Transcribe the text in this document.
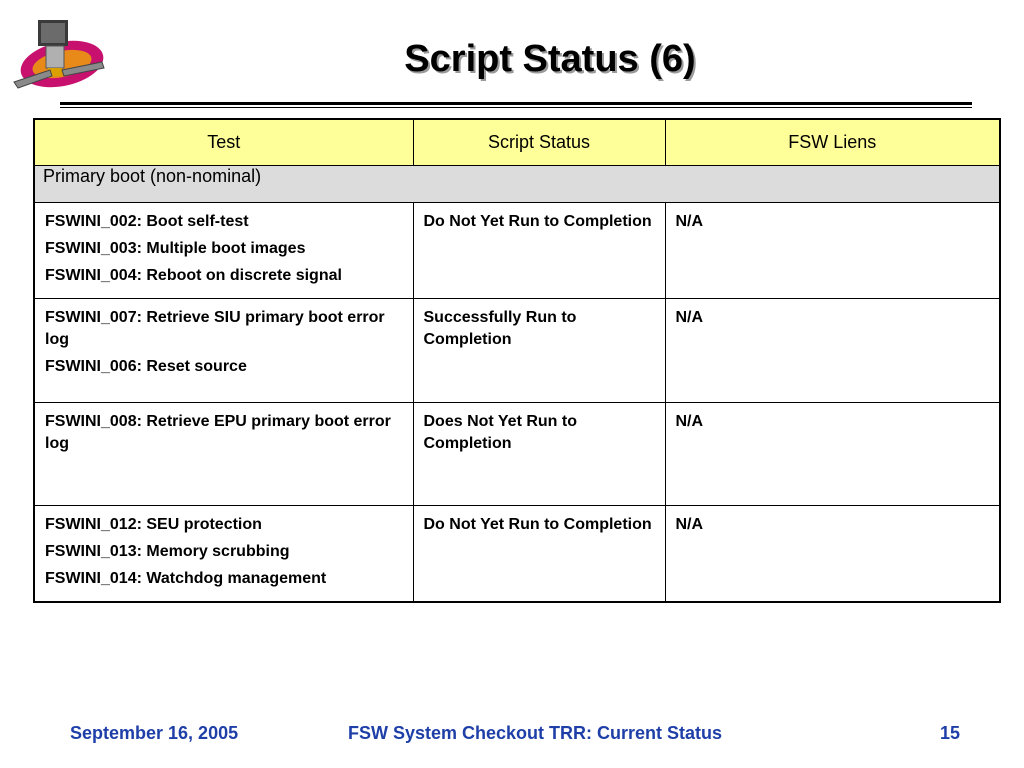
Script Status (6)
Test	Script Status	FSW Liens
Primary boot (non-nominal)		

FSWINI_002: Boot self-test
FSWINI_003: Multiple boot images
FSWINI_004: Reboot on discrete signal	Do Not Yet Run to Completion	N/A

FSWINI_007: Retrieve SIU primary boot error log
FSWINI_006: Reset source	Successfully Run to Completion	N/A

FSWINI_008: Retrieve EPU primary boot error log	Does Not Yet Run to Completion	N/A

FSWINI_012: SEU protection
FSWINI_013: Memory scrubbing
FSWINI_014: Watchdog management	Do Not Yet Run to Completion	N/A
September 16, 2005	FSW System Checkout TRR: Current Status	15
